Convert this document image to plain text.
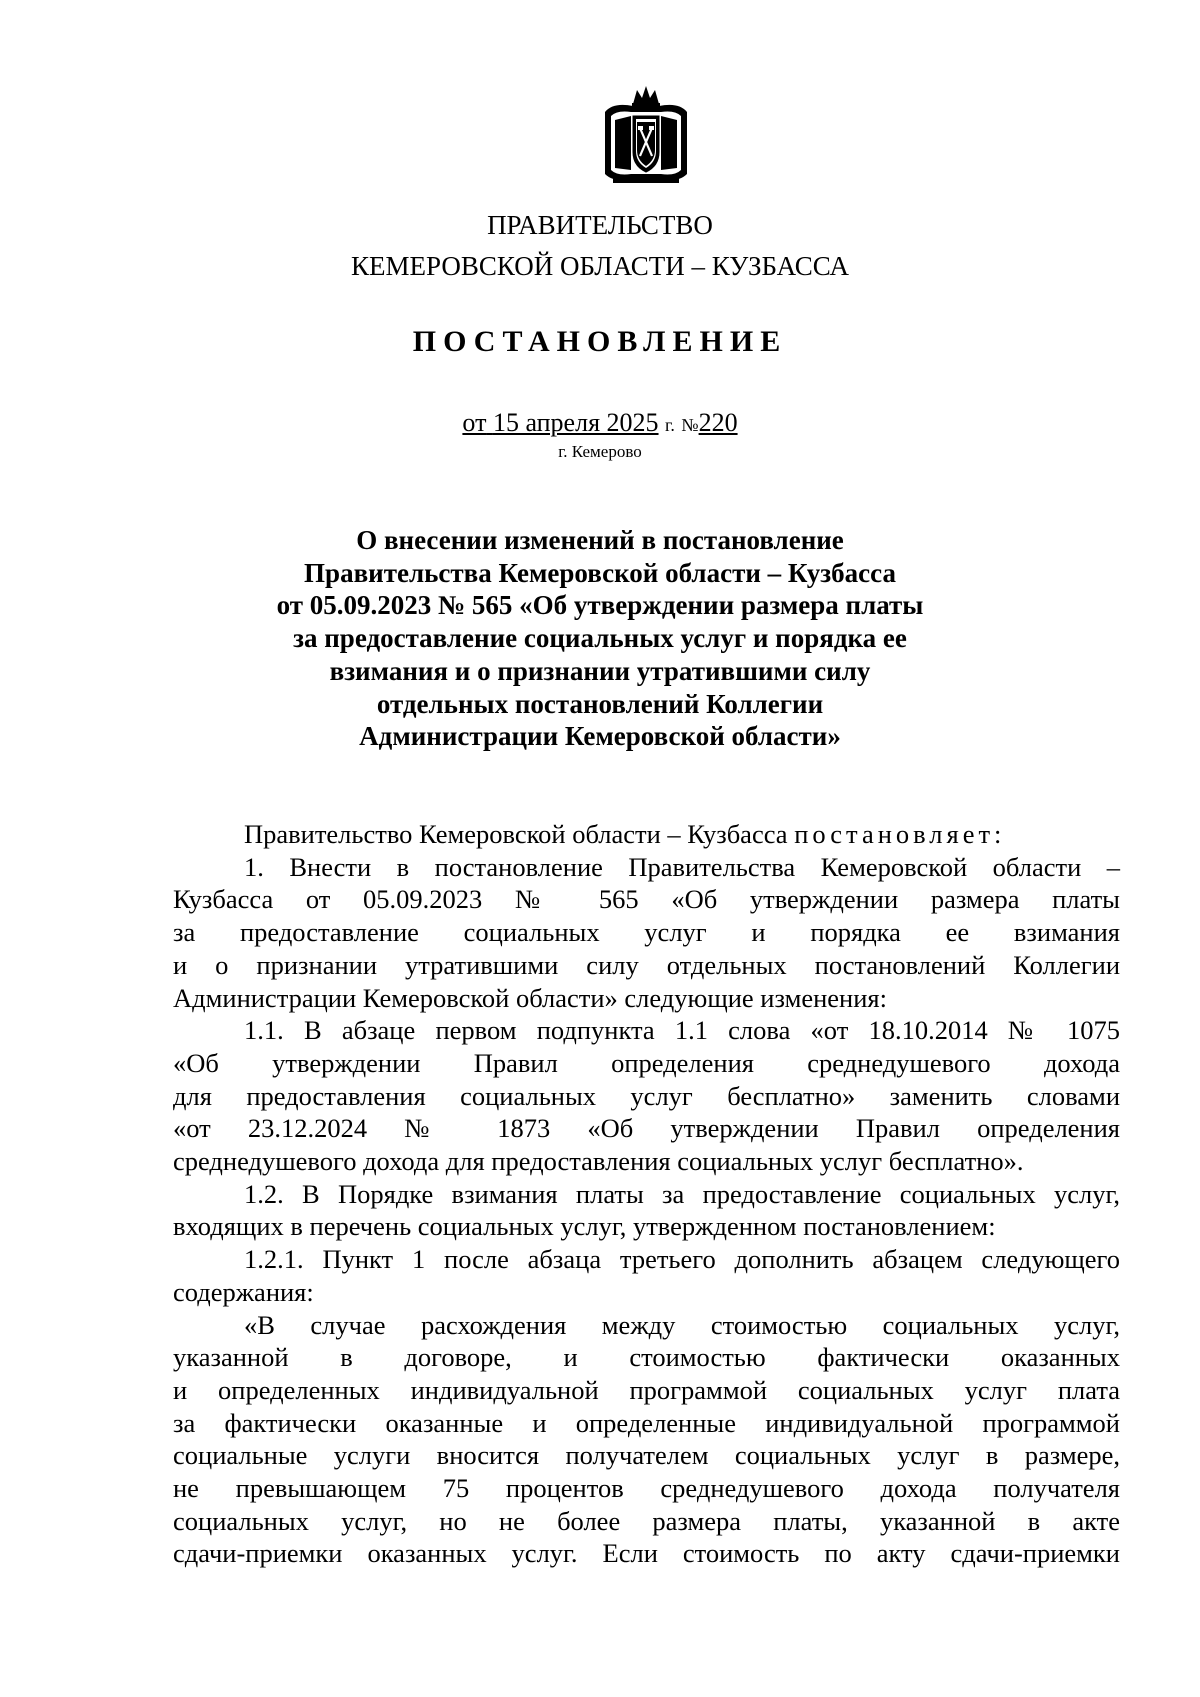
ПРАВИТЕЛЬСТВО
КЕМЕРОВСКОЙ ОБЛАСТИ – КУЗБАССА
ПОСТАНОВЛЕНИЕ
от 15 апреля 2025 г. №220
г. Кемерово
О внесении изменений в постановление
Правительства Кемеровской области – Кузбасса
от 05.09.2023 № 565 «Об утверждении размера платы
за предоставление социальных услуг и порядка ее
взимания и о признании утратившими силу
отдельных постановлений Коллегии
Администрации Кемеровской области»

Правительство Кемеровской области – Кузбасса постановляет:

1. Внести в постановление Правительства Кемеровской области –

Кузбасса от 05.09.2023 № 565 «Об утверждении размера платы

за предоставление социальных услуг и порядка ее взимания

и о признании утратившими силу отдельных постановлений Коллегии

Администрации Кемеровской области» следующие изменения:

1.1. В абзаце первом подпункта 1.1 слова «от 18.10.2014 № 1075

«Об утверждении Правил определения среднедушевого дохода

для предоставления социальных услуг бесплатно» заменить словами

«от 23.12.2024 № 1873 «Об утверждении Правил определения

среднедушевого дохода для предоставления социальных услуг бесплатно».

1.2. В Порядке взимания платы за предоставление социальных услуг,

входящих в перечень социальных услуг, утвержденном постановлением:

1.2.1. Пункт 1 после абзаца третьего дополнить абзацем следующего

содержания:

«В случае расхождения между стоимостью социальных услуг,

указанной в договоре, и стоимостью фактически оказанных

и определенных индивидуальной программой социальных услуг плата

за фактически оказанные и определенные индивидуальной программой

социальные услуги вносится получателем социальных услуг в размере,

не превышающем 75 процентов среднедушевого дохода получателя

социальных услуг, но не более размера платы, указанной в акте

сдачи-приемки оказанных услуг. Если стоимость по акту сдачи-приемки
